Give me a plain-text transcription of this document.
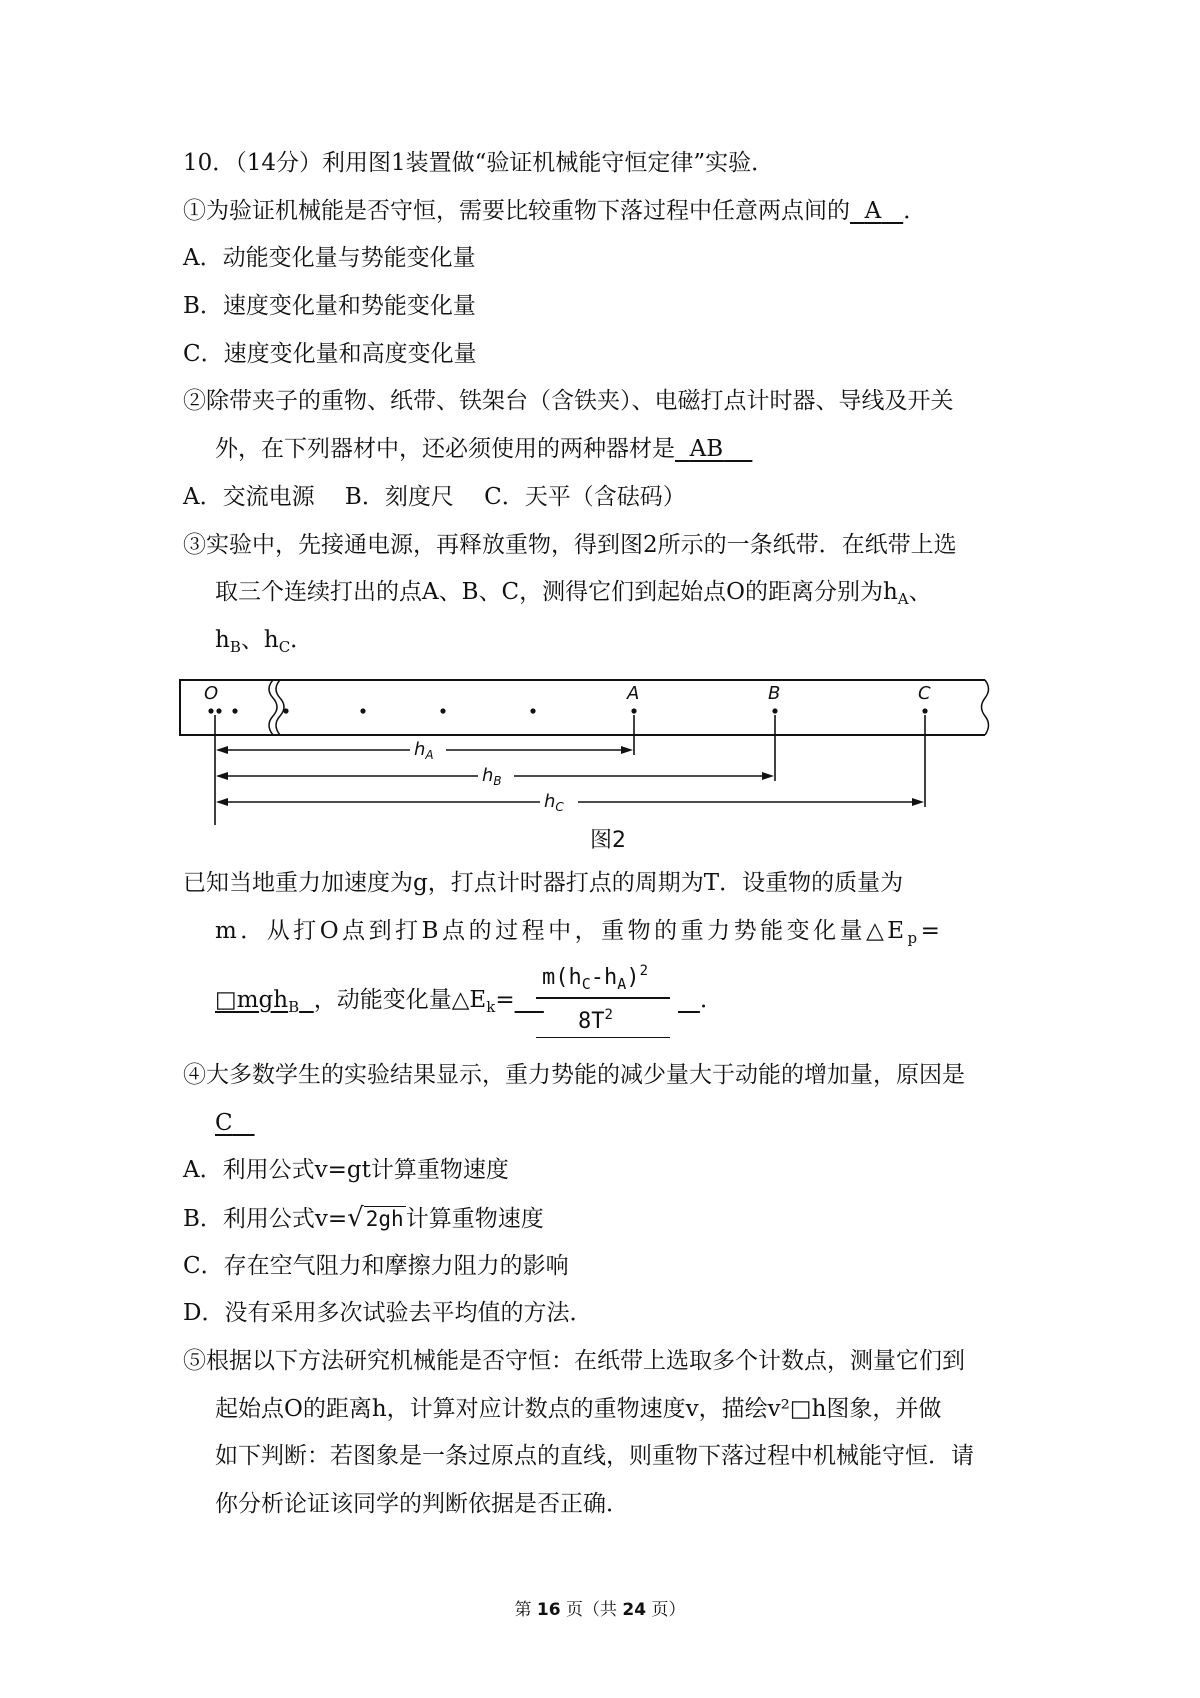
10．（14分）利用图1装置做“验证机械能守恒定律”实验．
①为验证机械能是否守恒，需要比较重物下落过程中任意两点间的 A ．
A．动能变化量与势能变化量
B．速度变化量和势能变化量
C．速度变化量和高度变化量
②除带夹子的重物、纸带、铁架台（含铁夹）、电磁打点计时器、导线及开关
外，在下列器材中，还必须使用的两种器材是 AB
A．交流电源　 B．刻度尺　 C．天平（含砝码）
③实验中，先接通电源，再释放重物，得到图2所示的一条纸带．在纸带上选
取三个连续打出的点A、B、C，测得它们到起始点O的距离分别为$h_A$、
$h_B$、$h_C$．
O	A	B	C
$h_A$
$h_B$
$h_C$
图2
已知当地重力加速度为g，打点计时器打点的周期为T．设重物的质量为
m．从打O点到打B点的过程中，重物的重力势能变化量$\triangle E_p=$
□mgh$_B$ ，动能变化量$\triangle E_k=$
$m(h_C-h_A)^2$
$8T^2$
．
④大多数学生的实验结果显示，重力势能的减少量大于动能的增加量，原因是
C
A．利用公式v=gt计算重物速度
B．利用公式v=√2gh计算重物速度
C．存在空气阻力和摩擦力阻力的影响
D．没有采用多次试验去平均值的方法．
⑤根据以下方法研究机械能是否守恒：在纸带上选取多个计数点，测量它们到
起始点O的距离h，计算对应计数点的重物速度v，描绘v²□h图象，并做
如下判断：若图象是一条过原点的直线，则重物下落过程中机械能守恒．请
你分析论证该同学的判断依据是否正确．
第 16 页（共 24 页）
